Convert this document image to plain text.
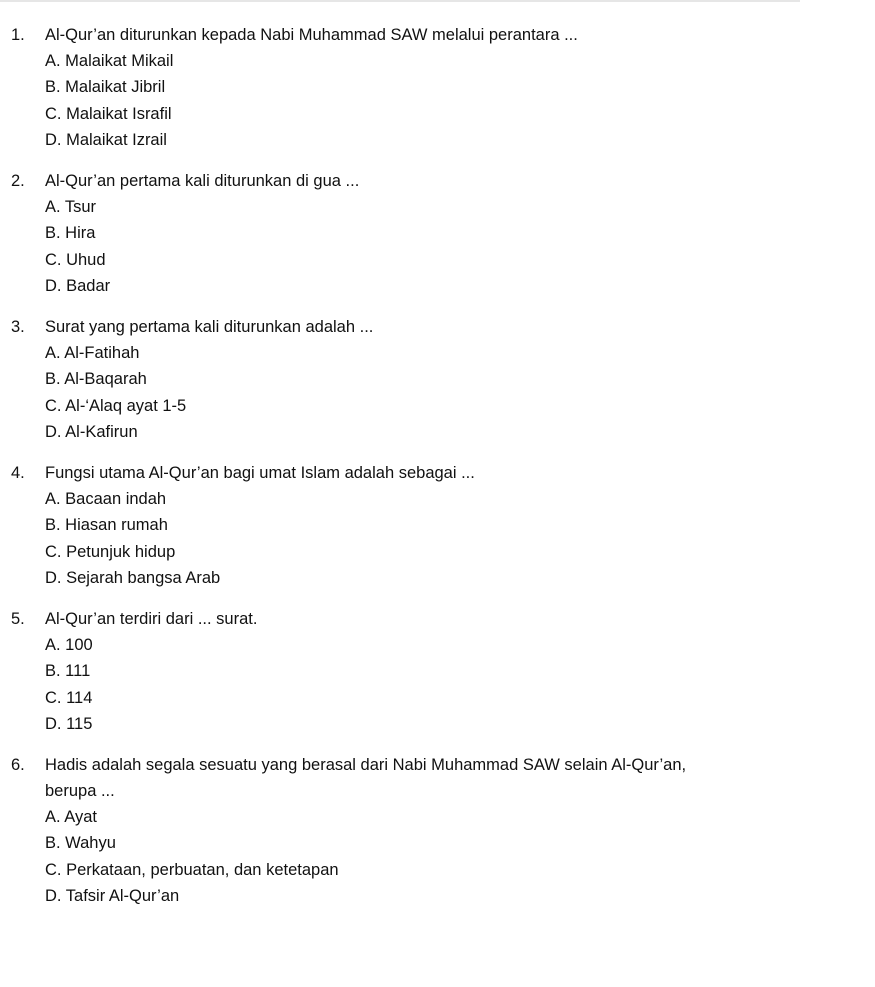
1. Al-Qur’an diturunkan kepada Nabi Muhammad SAW melalui perantara ...
A. Malaikat Mikail
B. Malaikat Jibril
C. Malaikat Israfil
D. Malaikat Izrail
2. Al-Qur’an pertama kali diturunkan di gua ...
A. Tsur
B. Hira
C. Uhud
D. Badar
3. Surat yang pertama kali diturunkan adalah ...
A. Al-Fatihah
B. Al-Baqarah
C. Al-‘Alaq ayat 1-5
D. Al-Kafirun
4. Fungsi utama Al-Qur’an bagi umat Islam adalah sebagai ...
A. Bacaan indah
B. Hiasan rumah
C. Petunjuk hidup
D. Sejarah bangsa Arab
5. Al-Qur’an terdiri dari ... surat.
A. 100
B. 111
C. 114
D. 115
6. Hadis adalah segala sesuatu yang berasal dari Nabi Muhammad SAW selain Al-Qur’an,
berupa ...
A. Ayat
B. Wahyu
C. Perkataan, perbuatan, dan ketetapan
D. Tafsir Al-Qur’an
